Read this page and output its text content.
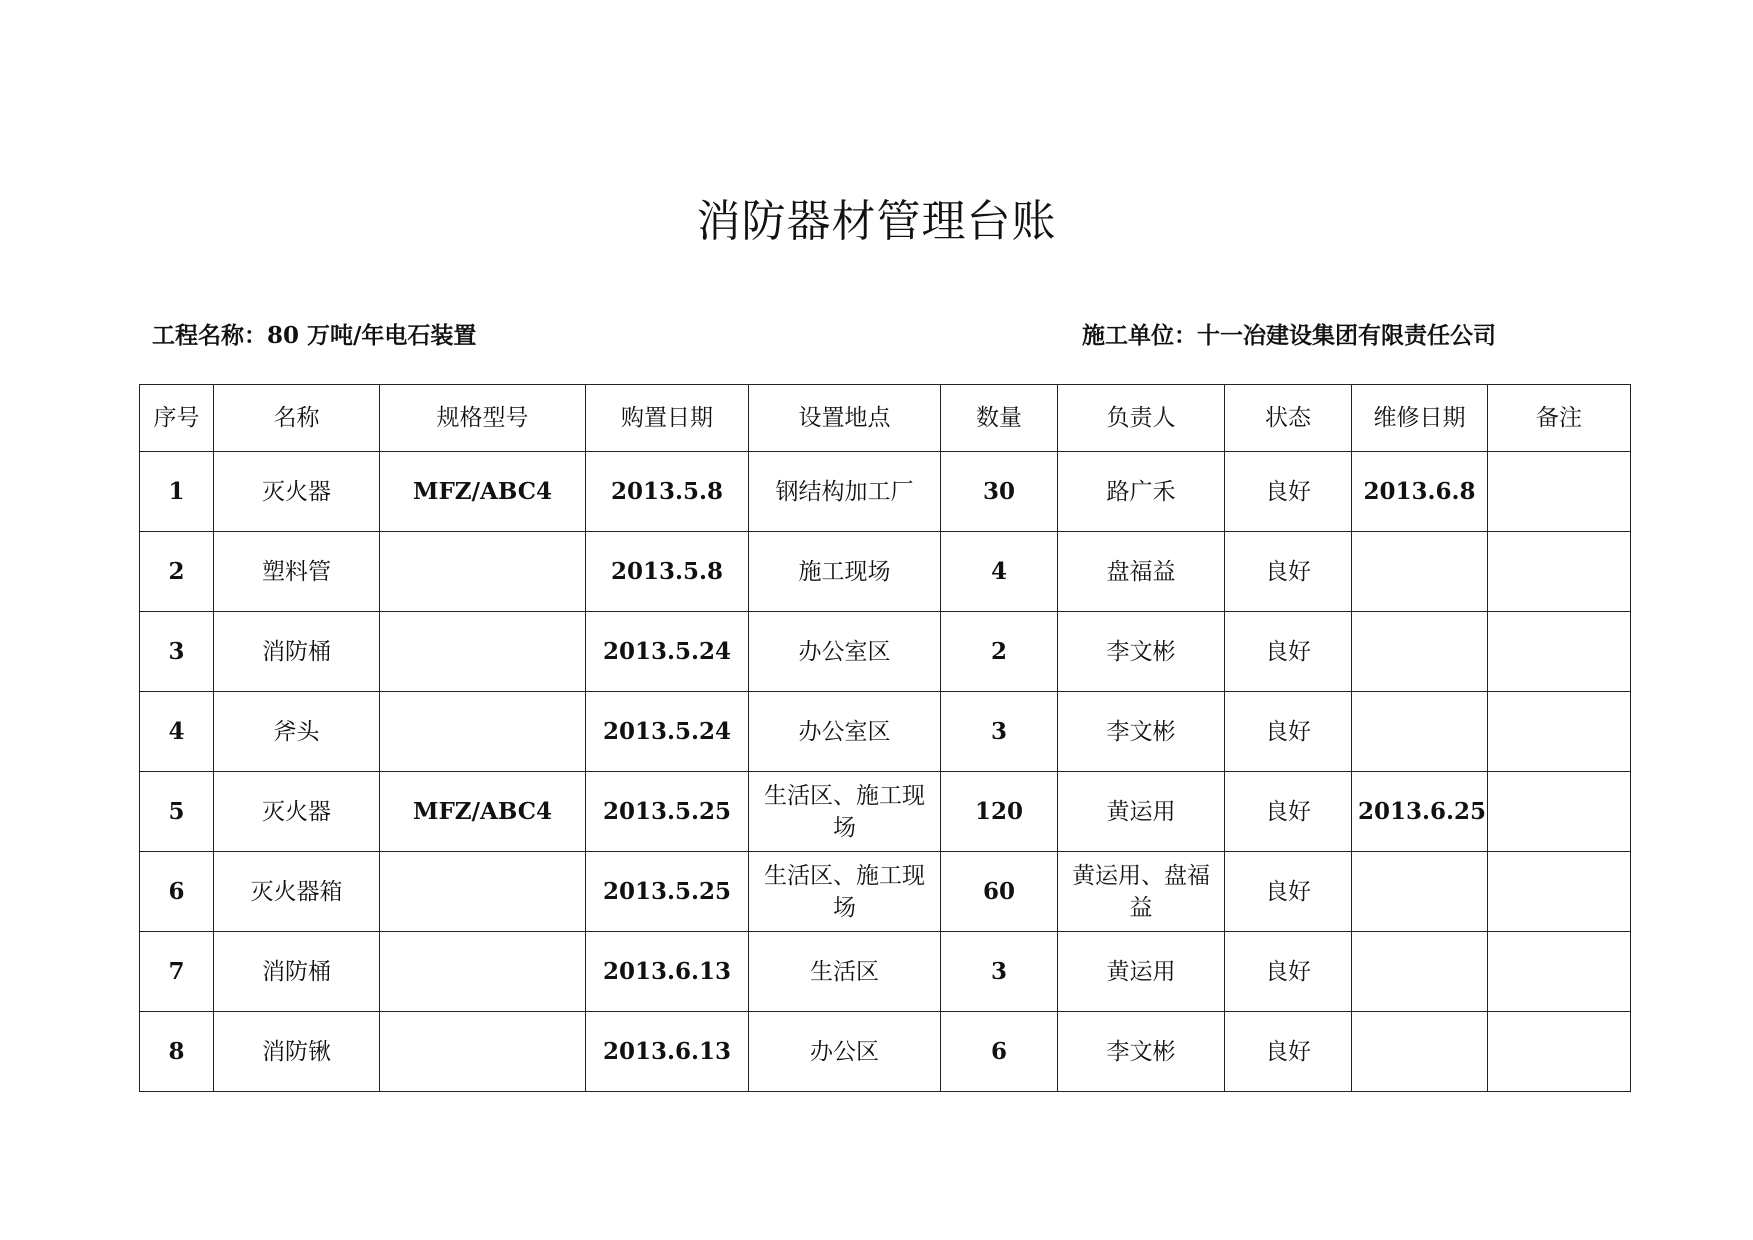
消防器材管理台账
工程名称：80 万吨/年电石装置	施工单位：十一冶建设集团有限责任公司
序号	名称	规格型号	购置日期	设置地点	数量	负责人	状态	维修日期	备注
1	灭火器	MFZ/ABC4	2013.5.8	钢结构加工厂	30	路广禾	良好	2013.6.8	
2	塑料管		2013.5.8	施工现场	4	盘福益	良好		
3	消防桶		2013.5.24	办公室区	2	李文彬	良好		
4	斧头		2013.5.24	办公室区	3	李文彬	良好		
5	灭火器	MFZ/ABC4	2013.5.25	生活区、施工现场	120	黄运用	良好	2013.6.25	
6	灭火器箱		2013.5.25	生活区、施工现场	60	黄运用、盘福益	良好		
7	消防桶		2013.6.13	生活区	3	黄运用	良好		
8	消防锹		2013.6.13	办公区	6	李文彬	良好		
